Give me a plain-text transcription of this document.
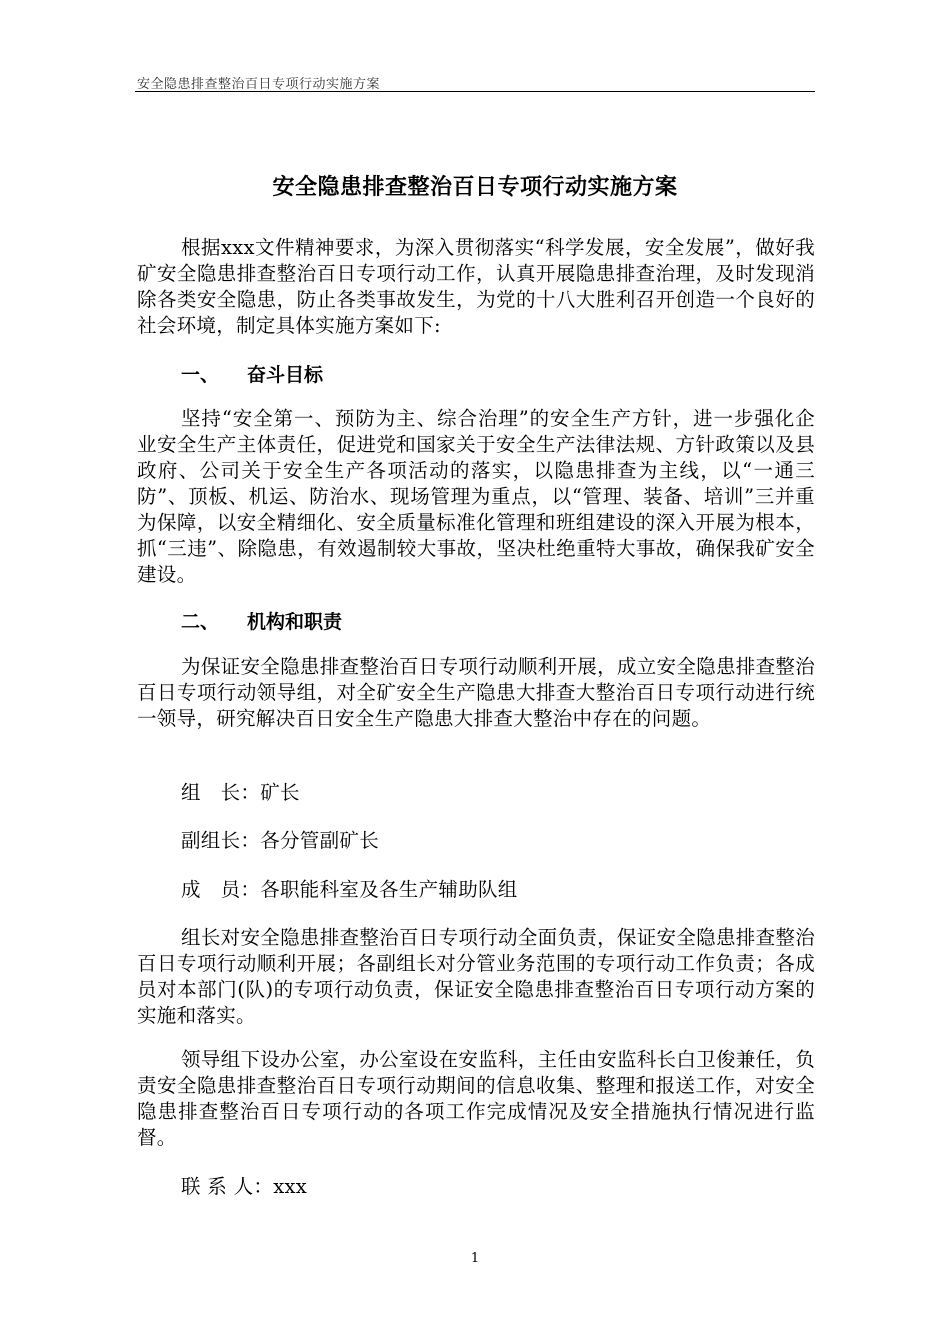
安全隐患排查整治百日专项行动实施方案
安全隐患排查整治百日专项行动实施方案
根据xxx文件精神要求，为深入贯彻落实“科学发展，安全发展”，做好我矿安全隐患排查整治百日专项行动工作，认真开展隐患排查治理，及时发现消除各类安全隐患，防止各类事故发生，为党的十八大胜利召开创造一个良好的社会环境，制定具体实施方案如下:
一、 奋斗目标
坚持“安全第一、预防为主、综合治理”的安全生产方针，进一步强化企业安全生产主体责任，促进党和国家关于安全生产法律法规、方针政策以及县政府、公司关于安全生产各项活动的落实，以隐患排查为主线，以“一通三防”、顶板、机运、防治水、现场管理为重点，以“管理、装备、培训”三并重为保障，以安全精细化、安全质量标准化管理和班组建设的深入开展为根本，抓“三违”、除隐患，有效遏制较大事故，坚决杜绝重特大事故，确保我矿安全建设。
二、 机构和职责
为保证安全隐患排查整治百日专项行动顺利开展，成立安全隐患排查整治百日专项行动领导组，对全矿安全生产隐患大排查大整治百日专项行动进行统一领导，研究解决百日安全生产隐患大排查大整治中存在的问题。
组　长：矿长
副组长：各分管副矿长
成　员：各职能科室及各生产辅助队组
组长对安全隐患排查整治百日专项行动全面负责，保证安全隐患排查整治百日专项行动顺利开展；各副组长对分管业务范围的专项行动工作负责；各成员对本部门(队)的专项行动负责，保证安全隐患排查整治百日专项行动方案的实施和落实。
领导组下设办公室，办公室设在安监科，主任由安监科长白卫俊兼任，负责安全隐患排查整治百日专项行动期间的信息收集、整理和报送工作，对安全隐患排查整治百日专项行动的各项工作完成情况及安全措施执行情况进行监督。
联 系 人：xxx
1
